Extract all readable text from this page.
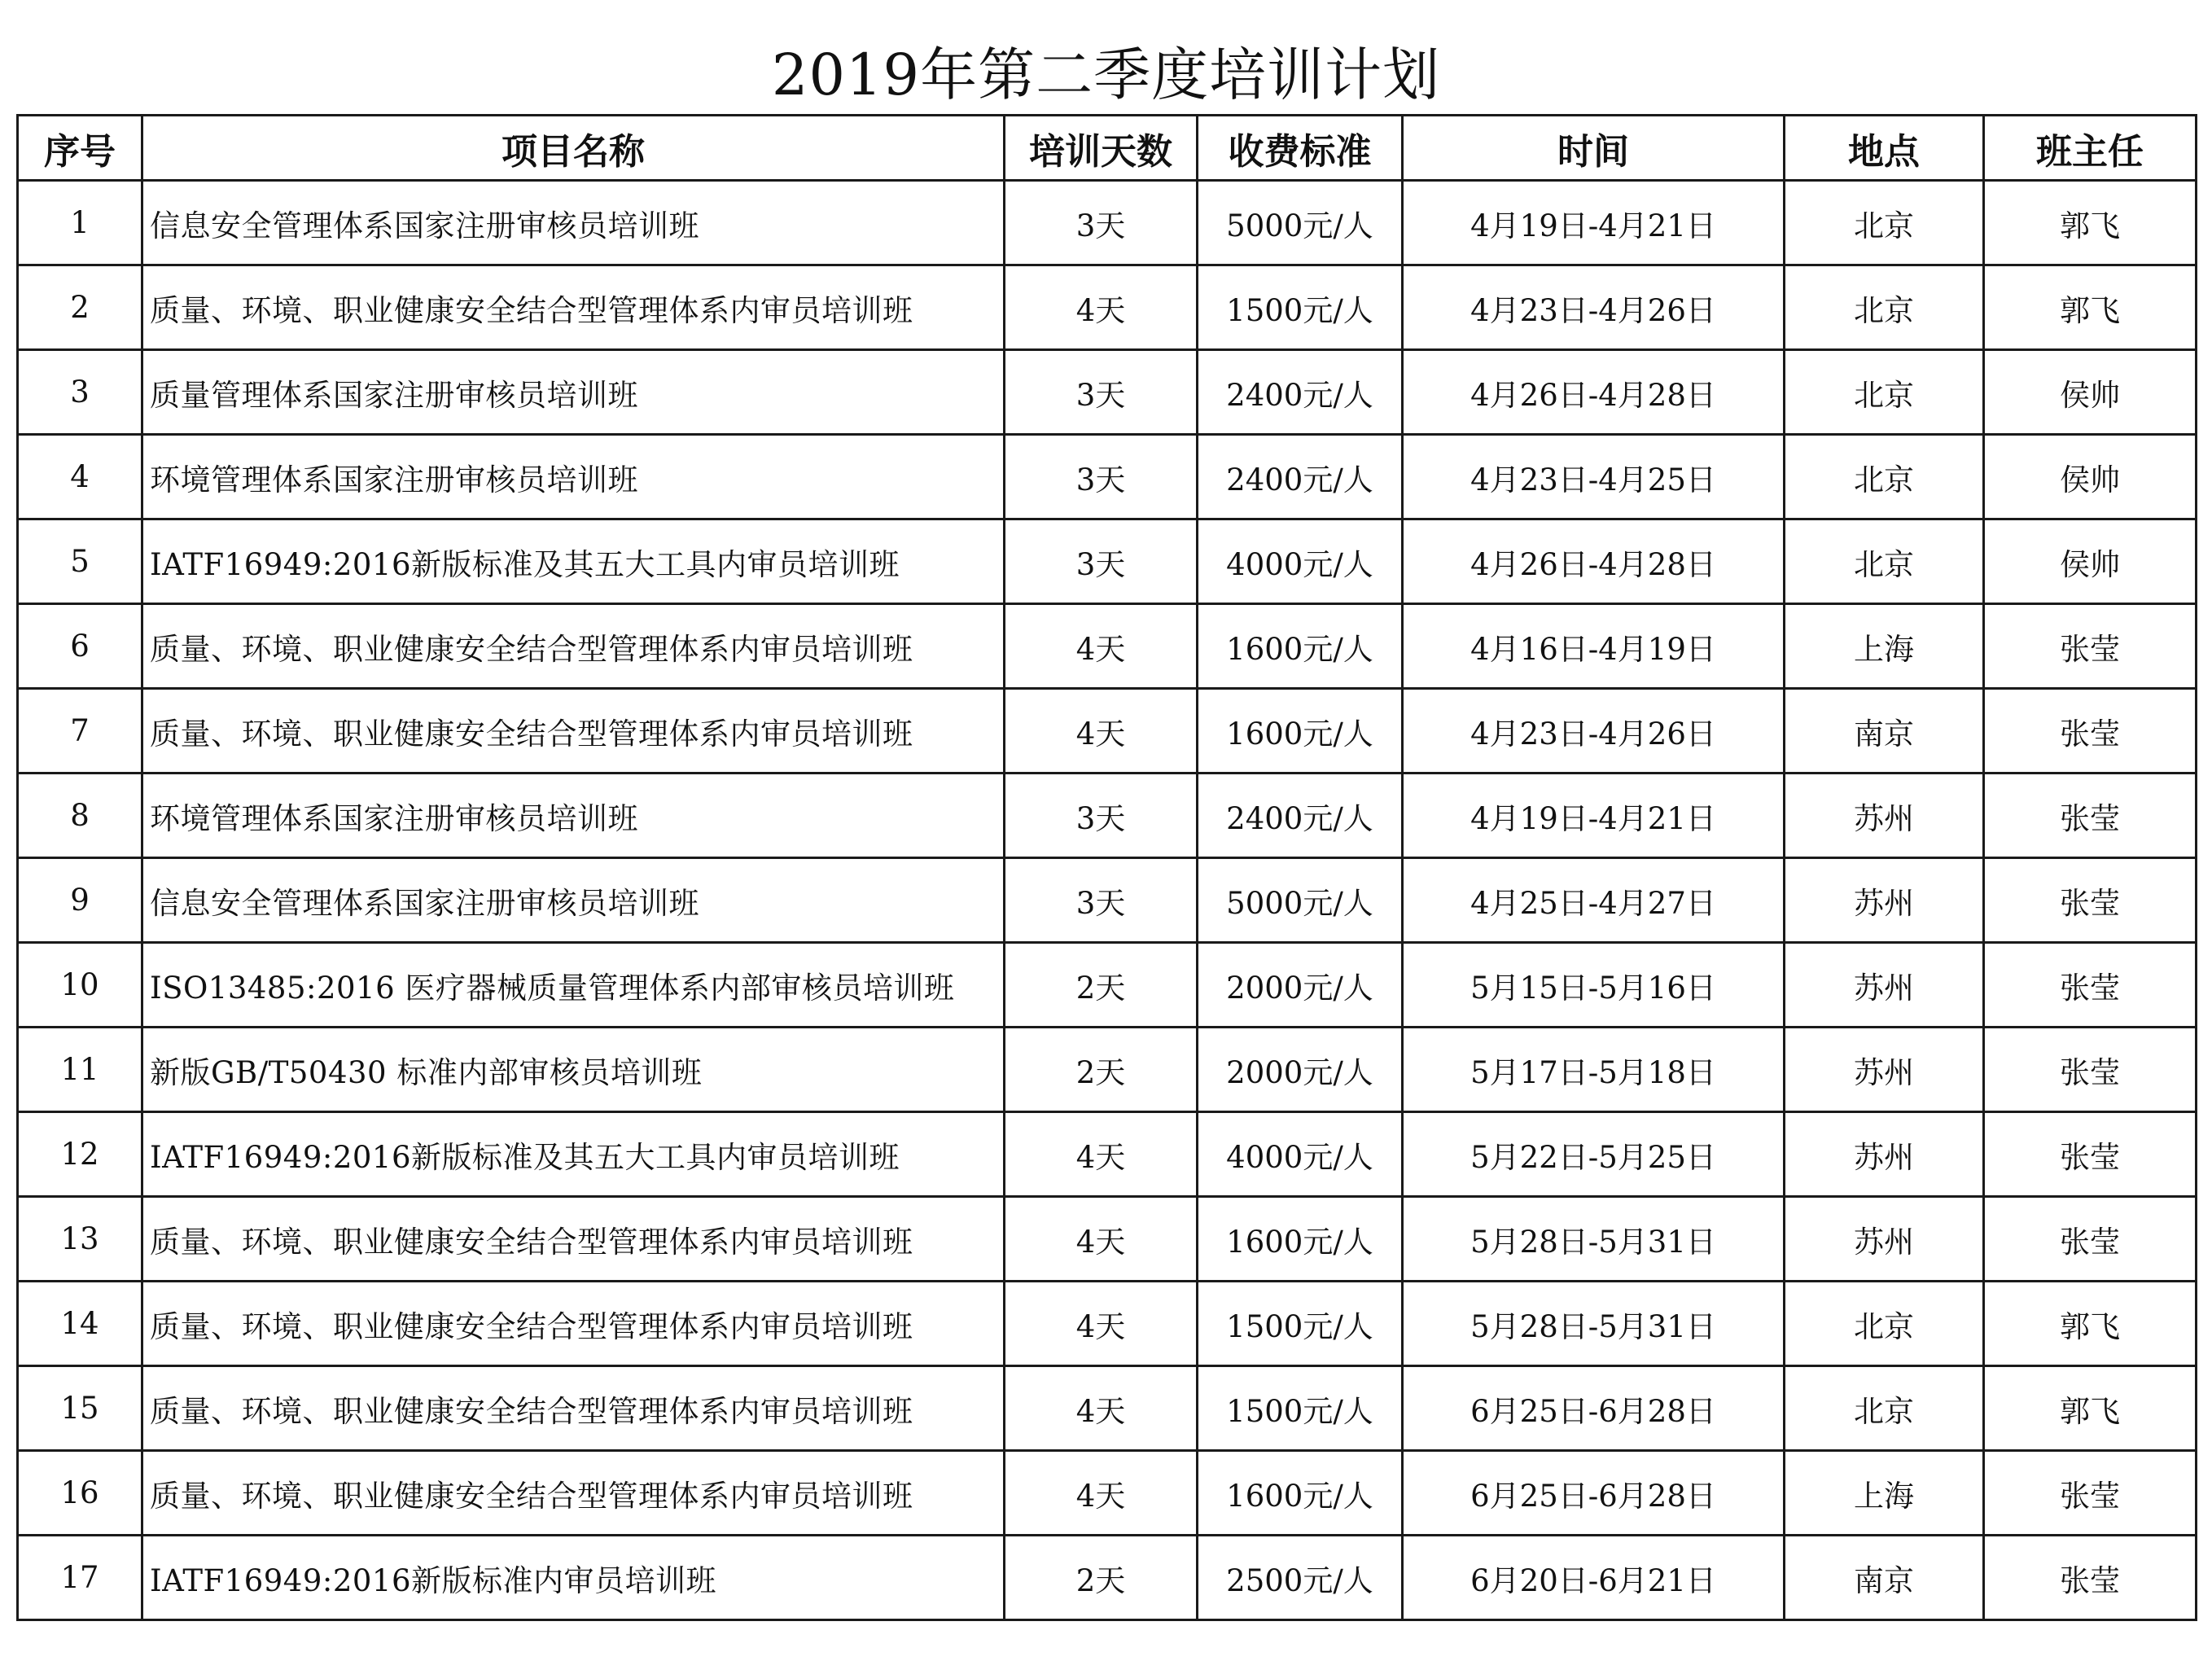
2019年第二季度培训计划
序号	项目名称	培训天数	收费标准	时间	地点	班主任
1	信息安全管理体系国家注册审核员培训班	3天	5000元/人	4月19日-4月21日	北京	郭飞
2	质量、环境、职业健康安全结合型管理体系内审员培训班	4天	1500元/人	4月23日-4月26日	北京	郭飞
3	质量管理体系国家注册审核员培训班	3天	2400元/人	4月26日-4月28日	北京	侯帅
4	环境管理体系国家注册审核员培训班	3天	2400元/人	4月23日-4月25日	北京	侯帅
5	IATF16949:2016新版标准及其五大工具内审员培训班	3天	4000元/人	4月26日-4月28日	北京	侯帅
6	质量、环境、职业健康安全结合型管理体系内审员培训班	4天	1600元/人	4月16日-4月19日	上海	张莹
7	质量、环境、职业健康安全结合型管理体系内审员培训班	4天	1600元/人	4月23日-4月26日	南京	张莹
8	环境管理体系国家注册审核员培训班	3天	2400元/人	4月19日-4月21日	苏州	张莹
9	信息安全管理体系国家注册审核员培训班	3天	5000元/人	4月25日-4月27日	苏州	张莹
10	ISO13485:2016 医疗器械质量管理体系内部审核员培训班	2天	2000元/人	5月15日-5月16日	苏州	张莹
11	新版GB/T50430 标准内部审核员培训班	2天	2000元/人	5月17日-5月18日	苏州	张莹
12	IATF16949:2016新版标准及其五大工具内审员培训班	4天	4000元/人	5月22日-5月25日	苏州	张莹
13	质量、环境、职业健康安全结合型管理体系内审员培训班	4天	1600元/人	5月28日-5月31日	苏州	张莹
14	质量、环境、职业健康安全结合型管理体系内审员培训班	4天	1500元/人	5月28日-5月31日	北京	郭飞
15	质量、环境、职业健康安全结合型管理体系内审员培训班	4天	1500元/人	6月25日-6月28日	北京	郭飞
16	质量、环境、职业健康安全结合型管理体系内审员培训班	4天	1600元/人	6月25日-6月28日	上海	张莹
17	IATF16949:2016新版标准内审员培训班	2天	2500元/人	6月20日-6月21日	南京	张莹
